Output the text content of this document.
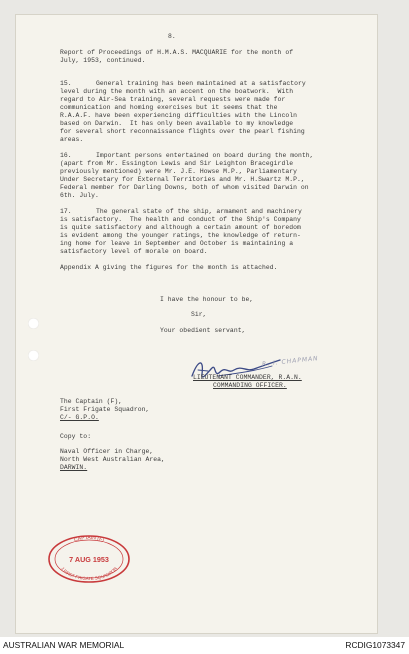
8.
Report of Proceedings of H.M.A.S. MACQUARIE for the month of
July, 1953, continued.
15.	General training has been maintained at a satisfactory
level during the month with an accent on the boatwork.  With
regard to Air-Sea training, several requests were made for
communication and homing exercises but it seems that the
R.A.A.F. have been experiencing difficulties with the Lincoln
based on Darwin.  It has only been available to my knowledge
for several short reconnaissance flights over the pearl fishing
areas.
16.	Important persons entertained on board during the month,
(apart from Mr. Essington Lewis and Sir Leighton Bracegirdle
previously mentioned) were Mr. J.E. Howse M.P., Parliamentary
Under Secretary for External Territories and Mr. H.Swartz M.P.,
Federal member for Darling Downs, both of whom visited Darwin on
6th. July.
17.	The general state of the ship, armament and machinery
is satisfactory.  The health and conduct of the Ship's Company
is quite satisfactory and although a certain amount of boredom
is evident among the younger ratings, the knowledge of return-
ing home for leave in September and October is maintaining a
satisfactory level of morale on board.
Appendix A giving the figures for the month is attached.
I have the honour to be,
Sir,
Your obedient servant,
R. I. CHAPMAN
LIEUTENANT COMMANDER, R.A.N.
COMMANDING OFFICER.
The Captain (F),
First Frigate Squadron,
C/- G.P.O.
Copy to:
Naval Officer in Charge,
North West Australian Area,
DARWIN.
CAPTAIN (F)
7 AUG 1953
1 FIRST FRIGATE SQUADRON
AUSTRALIAN WAR MEMORIAL	RCDIG1073347
